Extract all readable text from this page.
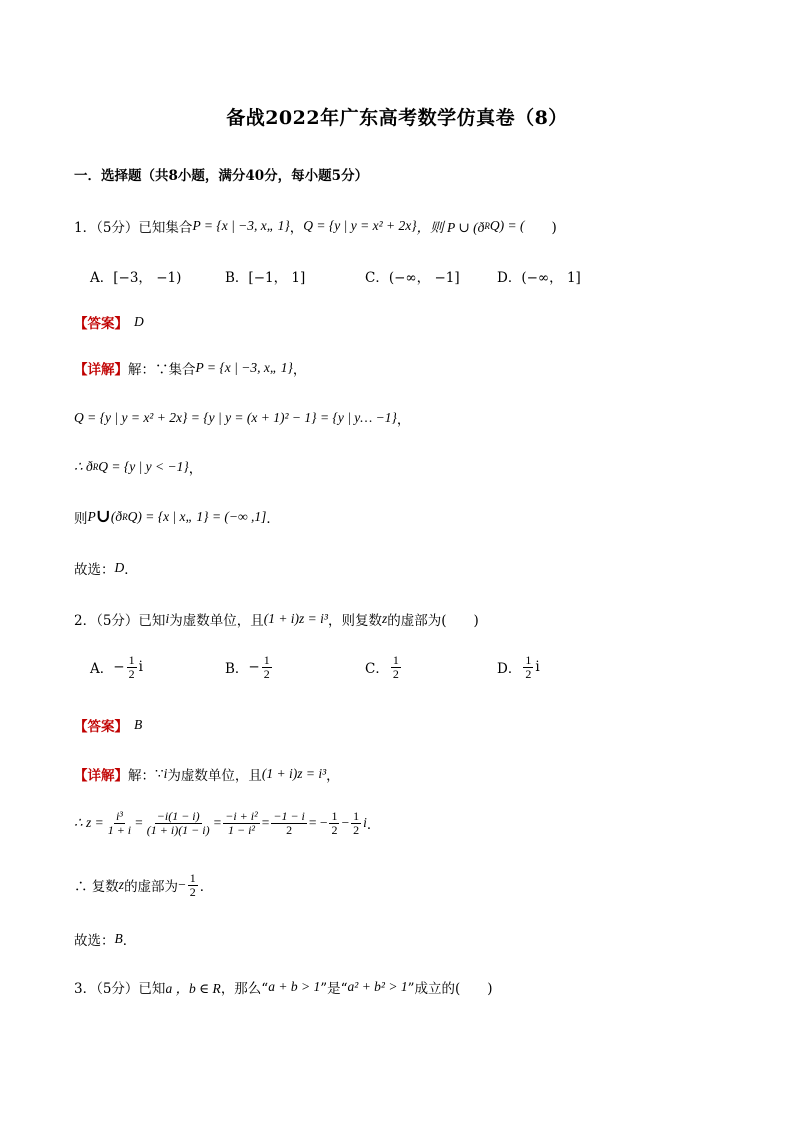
备战2022年广东高考数学仿真卷（8）
一．选择题（共8小题，满分40分，每小题5分）
1．（5分）已知集合 P = {x | −3, x„ 1} ， Q = {y | y = x² + 2x} ，则 P ∪ (ð R Q) = ( 　　)
A． [−3， −1)	B． [−1， 1]	C． (−∞， −1]	D． (−∞， 1]
【答案】 D
【详解】 解： ∵集合 P = {x | −3, x„ 1} ，
Q = {y | y = x² + 2x} = {y | y = (x + 1)² − 1} = {y | y… −1} ，
∴ ð R Q = {y | y < −1} ，
则 P ∪ (ð R Q) = {x | x„ 1} = (−∞ ,1] ．
故选： D ．
2．（5分）已知 i 为虚数单位，且 (1 + i)z = i³ ，则复数 z 的虚部为( 　　)
A． − $\frac{1}{2}$ i	B． − $\frac{1}{2}$	C． $\frac{1}{2}$	D． $\frac{1}{2}$ i
【答案】 B
【详解】 解： ∵ i 为虚数单位，且 (1 + i)z = i³ ，
∴ $z = \frac{\text{i³}}{1 + i} = \frac{-i(1 - i)}{(1 + i)(1 - i)} = \frac{\text{−i + i²}}{\text{1 − i²}} = \frac{-1 - i}{2}$ = − $\frac{1}{2} - \frac{1}{2}$ i ．
∴ 复数 z 的虚部为 − $\frac{1}{2}$ ．
故选： B ．
3．（5分）已知 a ，b ∈ R ，那么“ a + b > 1 ”是“ a² + b² > 1 ”成立的( 　　)
